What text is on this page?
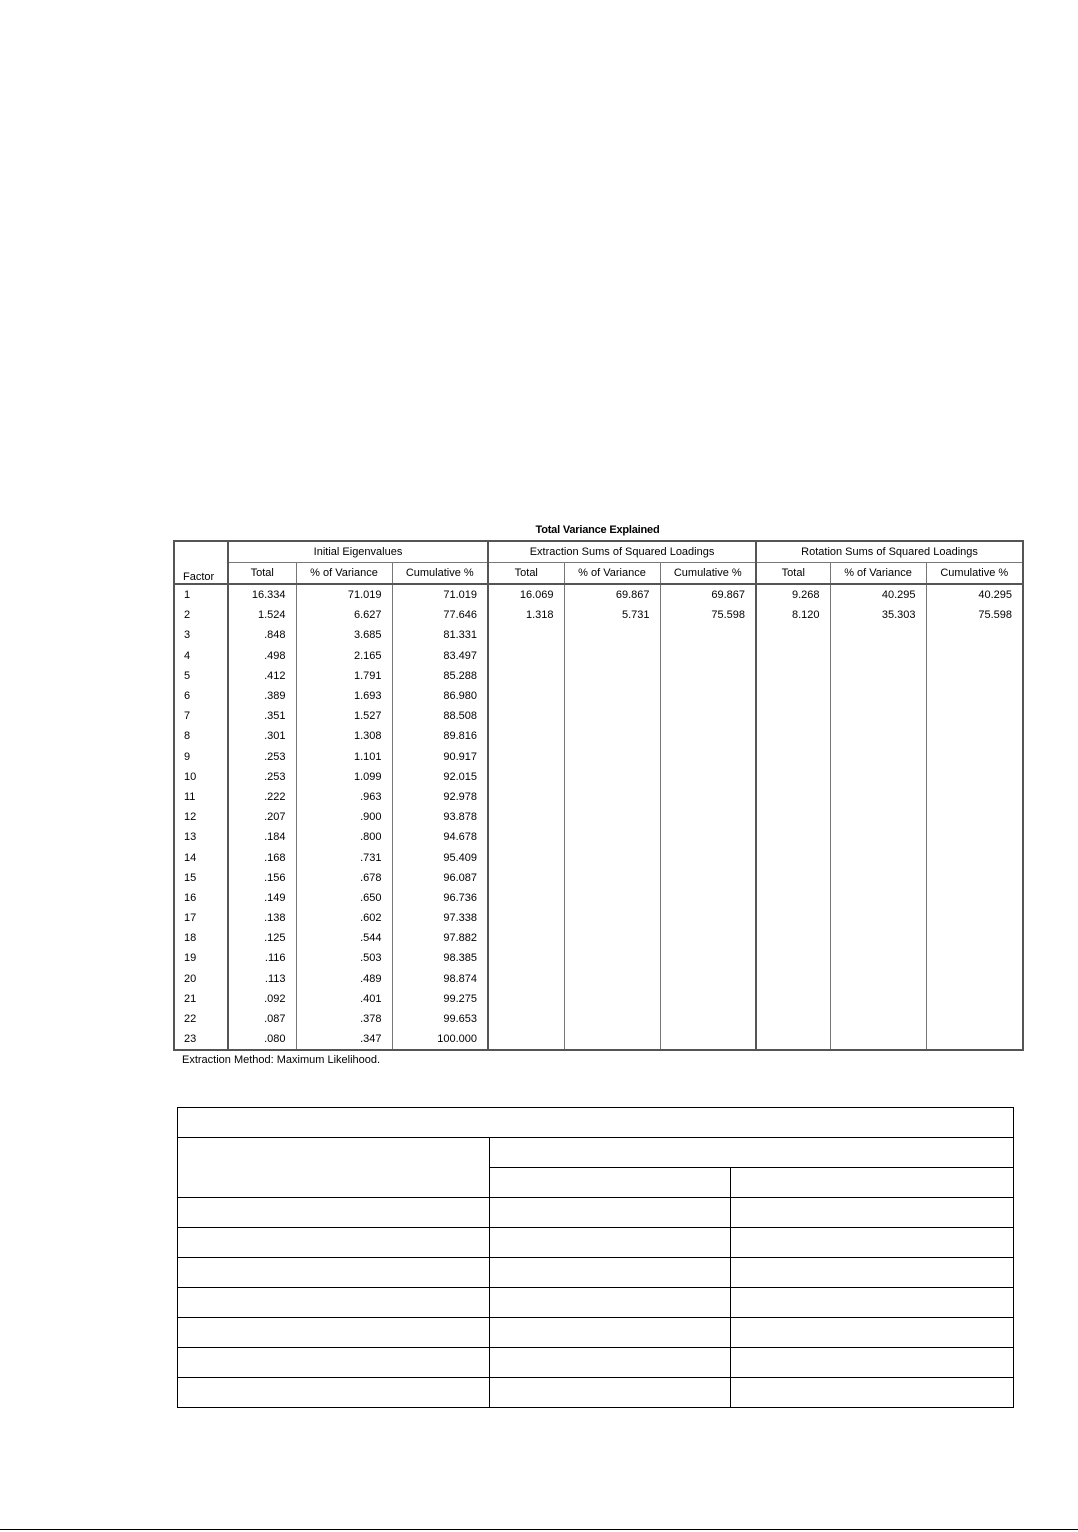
Total Variance Explained
Factor	Initial Eigenvalues			Extraction Sums of Squared Loadings			Rotation Sums of Squared Loadings		
	Total	% of Variance	Cumulative %	Total	% of Variance	Cumulative %	Total	% of Variance	Cumulative %
1	16.334	71.019	71.019	16.069	69.867	69.867	9.268	40.295	40.295
2	1.524	6.627	77.646	1.318	5.731	75.598	8.120	35.303	75.598
3	.848	3.685	81.331						
4	.498	2.165	83.497						
5	.412	1.791	85.288						
6	.389	1.693	86.980						
7	.351	1.527	88.508						
8	.301	1.308	89.816						
9	.253	1.101	90.917						
10	.253	1.099	92.015						
11	.222	.963	92.978						
12	.207	.900	93.878						
13	.184	.800	94.678						
14	.168	.731	95.409						
15	.156	.678	96.087						
16	.149	.650	96.736						
17	.138	.602	97.338						
18	.125	.544	97.882						
19	.116	.503	98.385						
20	.113	.489	98.874						
21	.092	.401	99.275						
22	.087	.378	99.653						
23	.080	.347	100.000						
Extraction Method: Maximum Likelihood.
